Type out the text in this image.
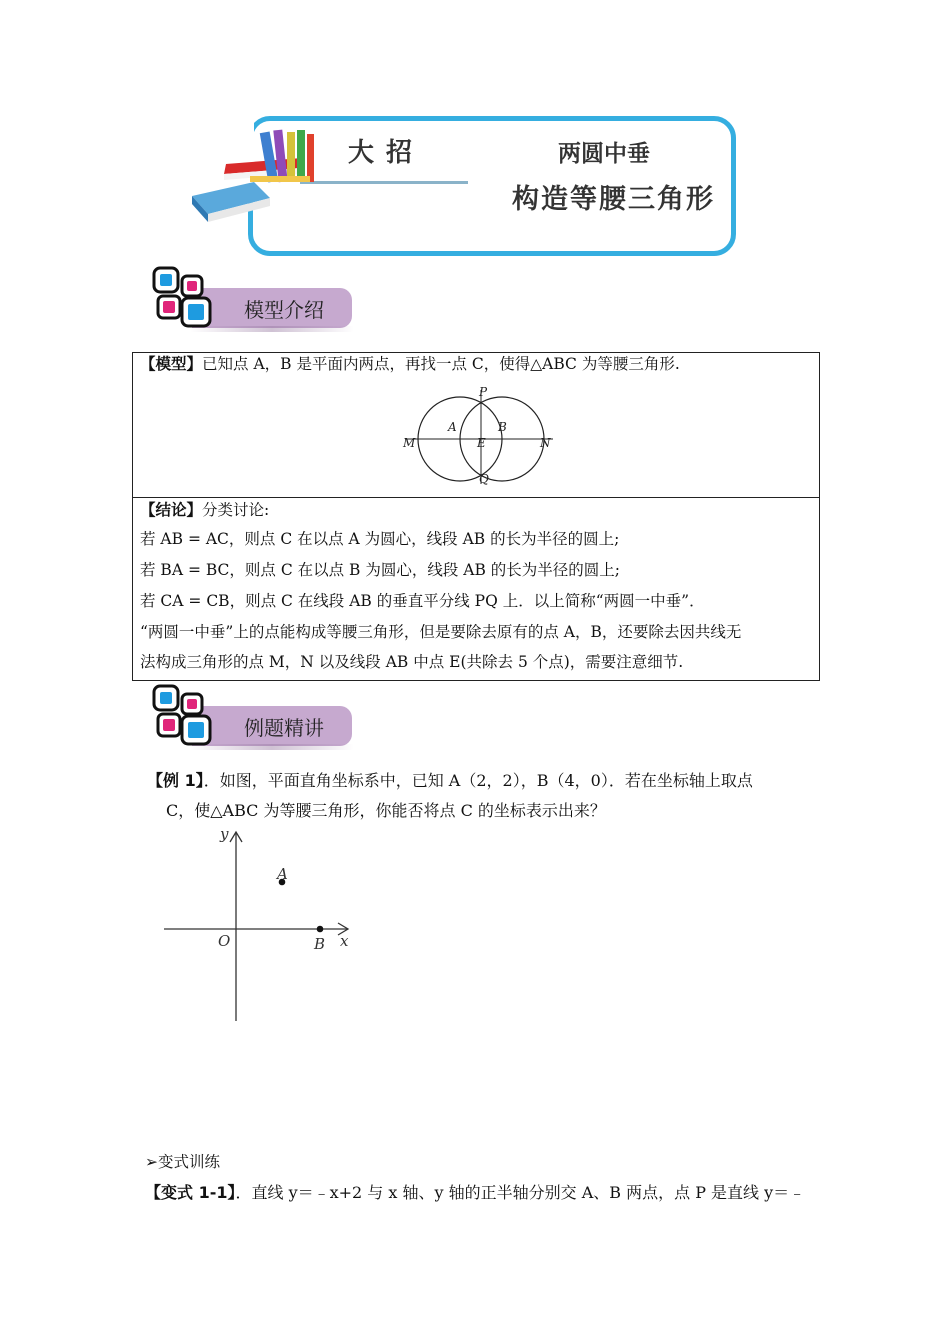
大招	两圆中垂
构造等腰三角形
模型介绍
【模型】已知点 A，B 是平面内两点，再找一点 C，使得△ABC 为等腰三角形.
P
Q
M	N
A	B
E
【结论】分类讨论:
若 AB = AC，则点 C 在以点 A 为圆心，线段 AB 的长为半径的圆上;
若 BA = BC，则点 C 在以点 B 为圆心，线段 AB 的长为半径的圆上;
若 CA = CB，则点 C 在线段 AB 的垂直平分线 PQ 上．以上简称“两圆一中垂”．
“两圆一中垂”上的点能构成等腰三角形，但是要除去原有的点 A，B，还要除去因共线无
法构成三角形的点 M，N 以及线段 AB 中点 E(共除去 5 个点)，需要注意细节.
例题精讲
【例 1】．如图，平面直角坐标系中，已知 A（2，2），B（4，0）．若在坐标轴上取点
C，使△ABC 为等腰三角形，你能否将点 C 的坐标表示出来？
y
x
O
A
B
➢变式训练
【变式 1-1】．直线 y＝﹣x+2 与 x 轴、y 轴的正半轴分别交 A、B 两点，点 P 是直线 y＝﹣
